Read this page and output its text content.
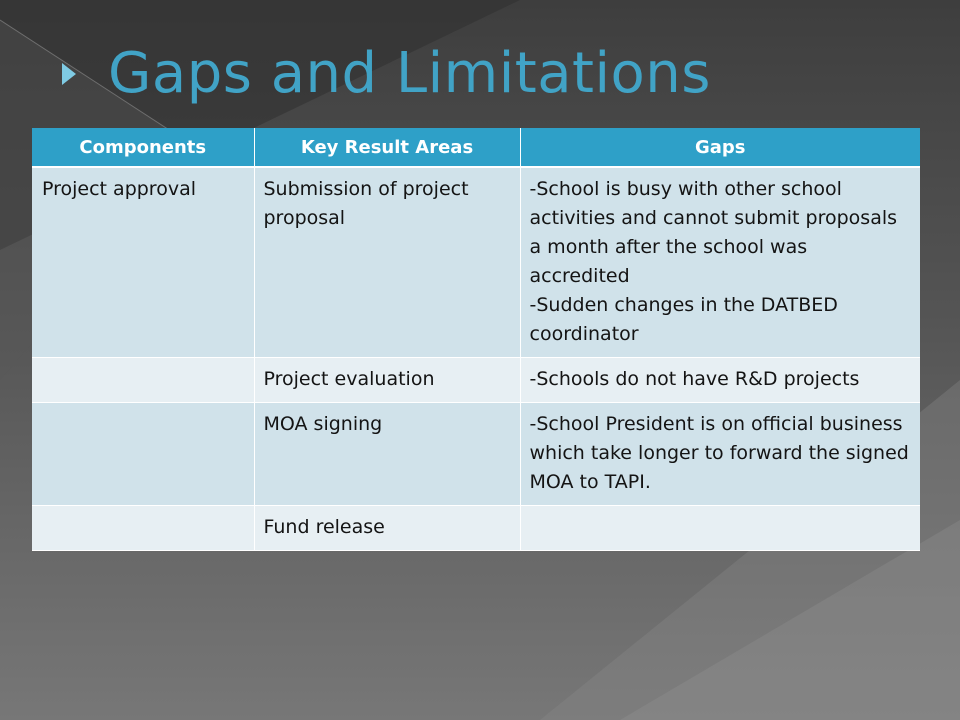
Gaps and Limitations
Components	Key Result Areas	Gaps
Project approval	Submission of project proposal	-School is busy with other school activities and cannot submit proposals a month after the school was accredited
-Sudden changes in the DATBED coordinator

	Project evaluation	-Schools do not have R&D projects

	MOA signing	-School President is on official business which take longer to forward the signed MOA to TAPI.

	Fund release	
